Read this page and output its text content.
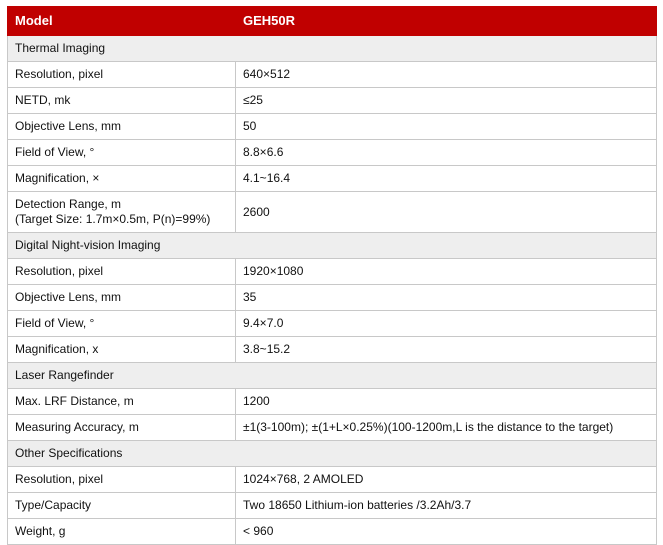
Model	GEH50R
Thermal Imaging	
Resolution, pixel	640×512
NETD, mk	≤25
Objective Lens, mm	50
Field of View, °	8.8×6.6
Magnification, ×	4.1~16.4

Detection Range, m
(Target Size: 1.7m×0.5m, P(n)=99%)	2600
Digital Night-vision Imaging	
Resolution, pixel	1920×1080
Objective Lens, mm	35
Field of View, °	9.4×7.0
Magnification, x	3.8~15.2
Laser Rangefinder	
Max. LRF Distance, m	1200
Measuring Accuracy, m	±1(3-100m); ±(1+L×0.25%)(100-1200m,L is the distance to the target)
Other Specifications	
Resolution, pixel	1024×768, 2 AMOLED
Type/Capacity	Two 18650 Lithium-ion batteries /3.2Ah/3.7
Weight, g	< 960
